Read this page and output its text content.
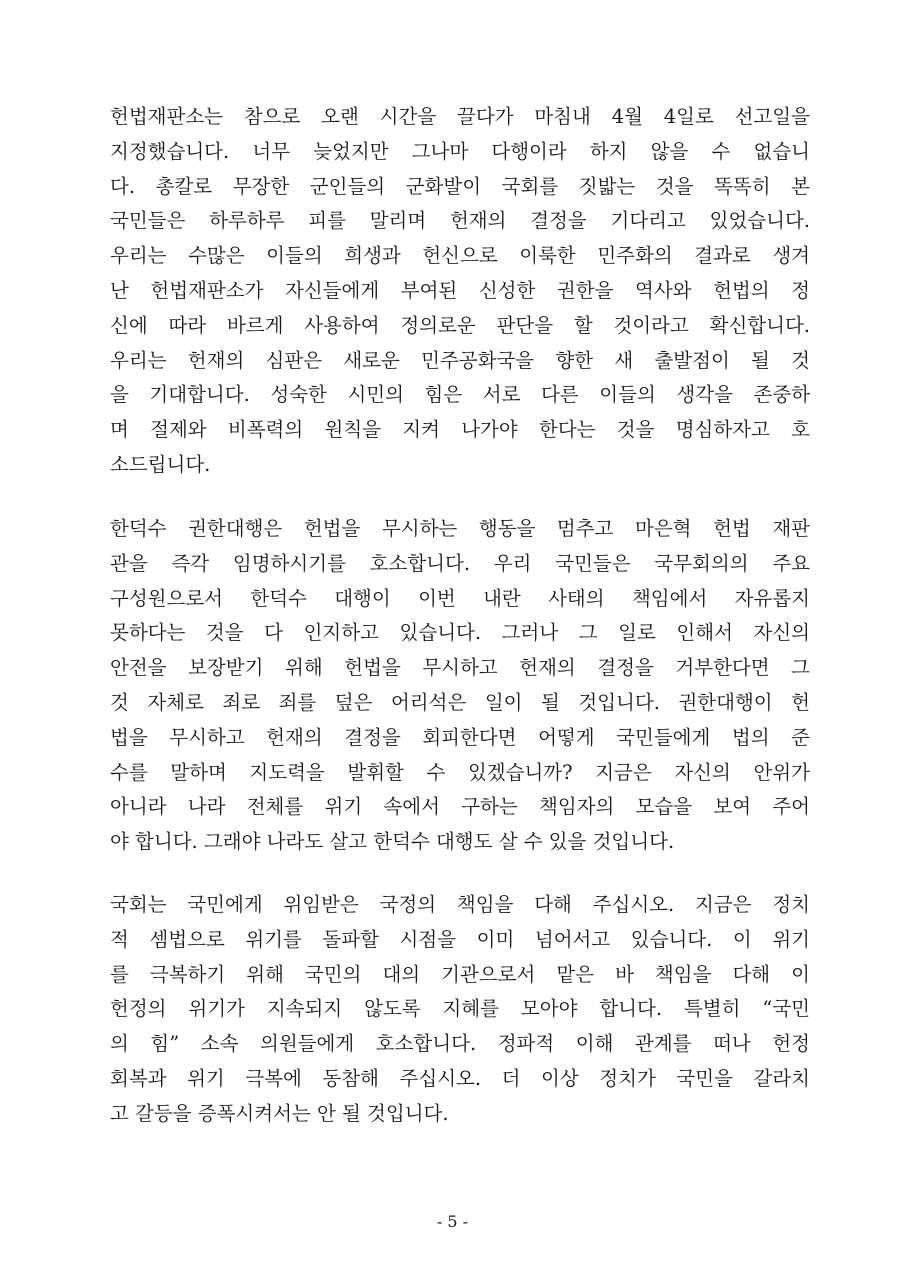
헌법재판소는 참으로 오랜 시간을 끌다가 마침내 4월 4일로 선고일을
지정했습니다. 너무 늦었지만 그나마 다행이라 하지 않을 수 없습니
다. 총칼로 무장한 군인들의 군화발이 국회를 짓밟는 것을 똑똑히 본
국민들은 하루하루 피를 말리며 헌재의 결정을 기다리고 있었습니다.
우리는 수많은 이들의 희생과 헌신으로 이룩한 민주화의 결과로 생겨
난 헌법재판소가 자신들에게 부여된 신성한 권한을 역사와 헌법의 정
신에 따라 바르게 사용하여 정의로운 판단을 할 것이라고 확신합니다.
우리는 헌재의 심판은 새로운 민주공화국을 향한 새 출발점이 될 것
을 기대합니다. 성숙한 시민의 힘은 서로 다른 이들의 생각을 존중하
며 절제와 비폭력의 원칙을 지켜 나가야 한다는 것을 명심하자고 호
소드립니다.
한덕수 권한대행은 헌법을 무시하는 행동을 멈추고 마은혁 헌법 재판
관을 즉각 임명하시기를 호소합니다. 우리 국민들은 국무회의의 주요
구성원으로서 한덕수 대행이 이번 내란 사태의 책임에서 자유롭지
못하다는 것을 다 인지하고 있습니다. 그러나 그 일로 인해서 자신의
안전을 보장받기 위해 헌법을 무시하고 헌재의 결정을 거부한다면 그
것 자체로 죄로 죄를 덮은 어리석은 일이 될 것입니다. 권한대행이 헌
법을 무시하고 헌재의 결정을 회피한다면 어떻게 국민들에게 법의 준
수를 말하며 지도력을 발휘할 수 있겠습니까? 지금은 자신의 안위가
아니라 나라 전체를 위기 속에서 구하는 책임자의 모습을 보여 주어
야 합니다. 그래야 나라도 살고 한덕수 대행도 살 수 있을 것입니다.
국회는 국민에게 위임받은 국정의 책임을 다해 주십시오. 지금은 정치
적 셈법으로 위기를 돌파할 시점을 이미 넘어서고 있습니다. 이 위기
를 극복하기 위해 국민의 대의 기관으로서 맡은 바 책임을 다해 이
헌정의 위기가 지속되지 않도록 지혜를 모아야 합니다. 특별히 “국민
의 힘” 소속 의원들에게 호소합니다. 정파적 이해 관계를 떠나 헌정
회복과 위기 극복에 동참해 주십시오. 더 이상 정치가 국민을 갈라치
고 갈등을 증폭시켜서는 안 될 것입니다.
- 5 -
